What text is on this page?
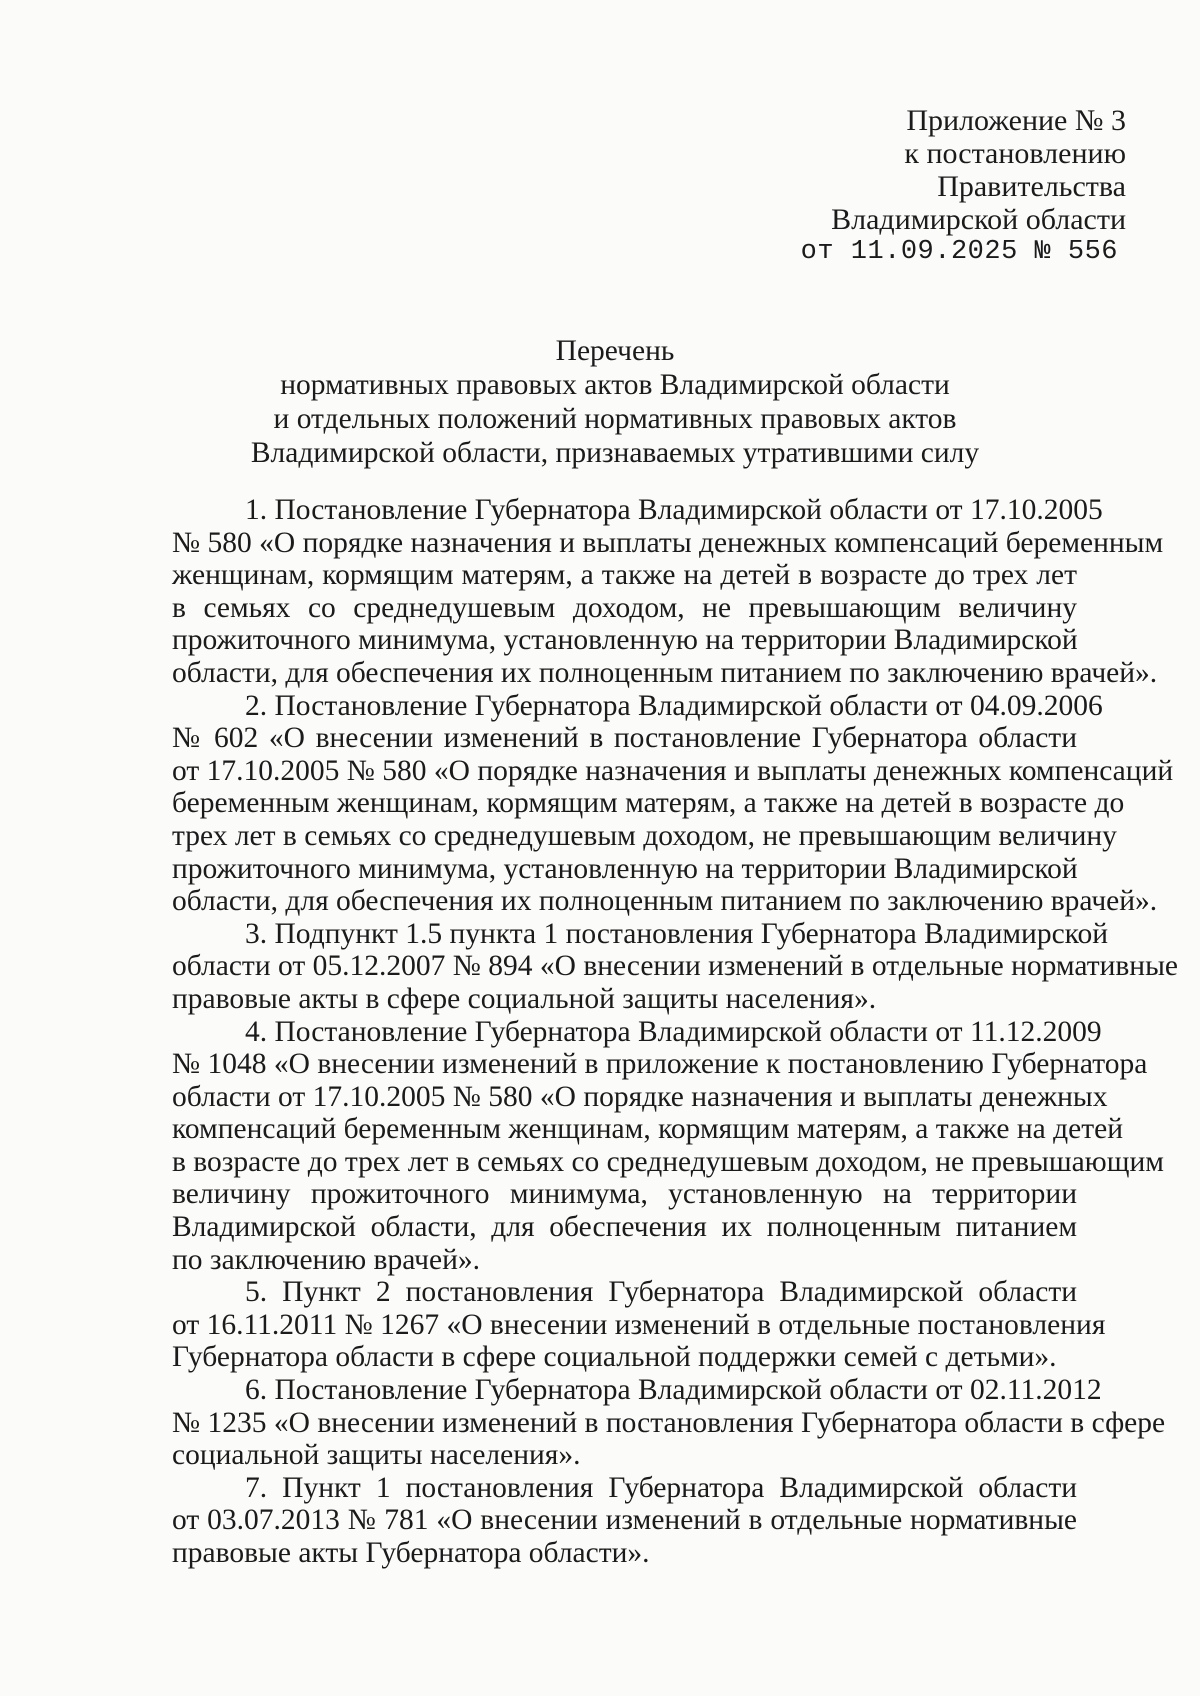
Приложение № 3
к постановлению
Правительства
Владимирской области
от 11.09.2025 № 556
Перечень
нормативных правовых актов Владимирской области
и отдельных положений нормативных правовых актов
Владимирской области, признаваемых утратившими силу
1. Постановление Губернатора Владимирской области от 17.10.2005
№ 580 «О порядке назначения и выплаты денежных компенсаций беременным
женщинам, кормящим матерям, а также на детей в возрасте до трех лет
в семьях со среднедушевым доходом, не превышающим величину
прожиточного минимума, установленную на территории Владимирской
области, для обеспечения их полноценным питанием по заключению врачей».
2. Постановление Губернатора Владимирской области от 04.09.2006
№ 602 «О внесении изменений в постановление Губернатора области
от 17.10.2005 № 580 «О порядке назначения и выплаты денежных компенсаций
беременным женщинам, кормящим матерям, а также на детей в возрасте до
трех лет в семьях со среднедушевым доходом, не превышающим величину
прожиточного минимума, установленную на территории Владимирской
области, для обеспечения их полноценным питанием по заключению врачей».
3. Подпункт 1.5 пункта 1 постановления Губернатора Владимирской
области от 05.12.2007 № 894 «О внесении изменений в отдельные нормативные
правовые акты в сфере социальной защиты населения».
4. Постановление Губернатора Владимирской области от 11.12.2009
№ 1048 «О внесении изменений в приложение к постановлению Губернатора
области от 17.10.2005 № 580 «О порядке назначения и выплаты денежных
компенсаций беременным женщинам, кормящим матерям, а также на детей
в возрасте до трех лет в семьях со среднедушевым доходом, не превышающим
величину прожиточного минимума, установленную на территории
Владимирской области, для обеспечения их полноценным питанием
по заключению врачей».
5. Пункт 2 постановления Губернатора Владимирской области
от 16.11.2011 № 1267 «О внесении изменений в отдельные постановления
Губернатора области в сфере социальной поддержки семей с детьми».
6. Постановление Губернатора Владимирской области от 02.11.2012
№ 1235 «О внесении изменений в постановления Губернатора области в сфере
социальной защиты населения».
7. Пункт 1 постановления Губернатора Владимирской области
от 03.07.2013 № 781 «О внесении изменений в отдельные нормативные
правовые акты Губернатора области».
